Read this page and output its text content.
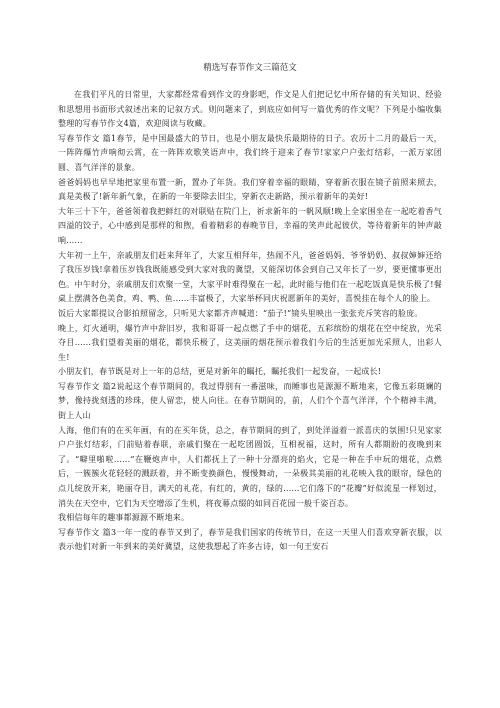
精选写春节作文三篇范文

在我们平凡的日常里，大家都经常看到作文的身影吧，作文是人们把记忆中所存储的有关知识、经验和思想用书面形式叙述出来的记叙方式。则问题来了，到底应如何写一篇优秀的作文呢？下列是小编收集整理的写春节作文4篇，欢迎阅读与收藏。

写春节作文 篇1春节，是中国最盛大的节日，也是小朋友最快乐最期待的日子。农历十二月的最后一天，一阵阵爆竹声响彻云霄，在一阵阵欢歌笑语声中，我们终于迎来了春节!家家户户张灯结彩，一派万家团圆、喜气洋洋的景象。

爸爸妈妈也早早地把家里布置一新，置办了年货。我们穿着幸福的眼睛，穿着新衣服在镜子前照来照去，真是美极了!新年新气象，在新的一年要除去旧尘，穿新衣走新路，预示着新年的美好!

大年三十下午，爸爸领着我把鲜红的对联贴在院门上，祈求新年的一帆风顺!晚上全家围坐在一起吃着香气四溢的饺子，心中感到是那样的和煦，看着精彩的春晚节目，幸福的笑声此起彼伏，等待着新年的钟声敲响......

大年初一上午，亲戚朋友们赶来拜年了，大家互相拜年，热闹不凡，爸爸妈妈、爷爷奶奶、叔叔婶婶还给了我压岁钱!拿着压岁钱我既能感受到大家对我的冀望，又能深切体会到自己又年长了一岁，要更懂事更出色。中午时分，亲戚朋友们欢聚一堂，大家平时难得聚在一起，此时能与他们在一起吃饭真是快乐极了!餐桌上摆满各色美食，鸡、鸭、鱼......丰富极了，大家举杯同庆祝愿新年的美好，喜悦挂在每个人的脸上。

饭后大家都提议合影拍照留念，只听见大家都齐声喊道：“茄子!”镜头里映出一张张充斥笑容的脸庞。

晚上，灯火通明，爆竹声中辞旧岁，我和哥哥一起点燃了手中的烟花，五彩缤纷的烟花在空中绽放，光采夺目......我们望着美丽的烟花，都快乐极了，这美丽的烟花预示着我们今后的生活更加光采照人，出彩人生!

小朋友们，春节既是对上一年的总结，更是对新年的瞩托，瞩托我们一起发奋，一起成长!

写春节作文 篇2说起这个春节期间的，我过得别有一番滋味，而睡事也是源源不断地来，它像五彩斑斓的梦，像持拢刻透的珍珠，使人留恋，使人向往。在春节期间的，前，人们个个喜气洋洋，个个精神丰满，街上人山

人海，他们有的在买年画，有的在买年货，总之，春节期间的到了，到处洋溢着一派喜庆的氛围!只见家家户户张灯结彩，门前贴着春联，亲戚们聚在一起吃团圆饭，互相祝福，这时，所有人都期盼的夜晚到来了。“噼里啪啦......”在鞭炮声中，人们都抚上了一种十分漂亮的焰火，它是一种在手中玩的烟花，点燃后，一簇簇火花轻轻的溅跃着，并不断变换颜色，慢慢舞动，一朵极其美丽的礼花映入我的眼帘，绿色的点儿绽放开来，艳丽夺目，满天的礼花，有红的，黄的，绿的......它们落下的“花瓣”好似流星一样划过，消失在天空中，它们为天空增添了生机，将夜幕点缀的如同百花园一般千姿百态。

我相信每年的趣事都源源不断地来。

写春节作文 篇3一年一度的春节又到了，春节是我们国家的传统节日，在这一天里人们喜欢穿新衣服，以表示他们对新一年到来的美好冀望，这使我想起了许多古诗，如一句王安石
